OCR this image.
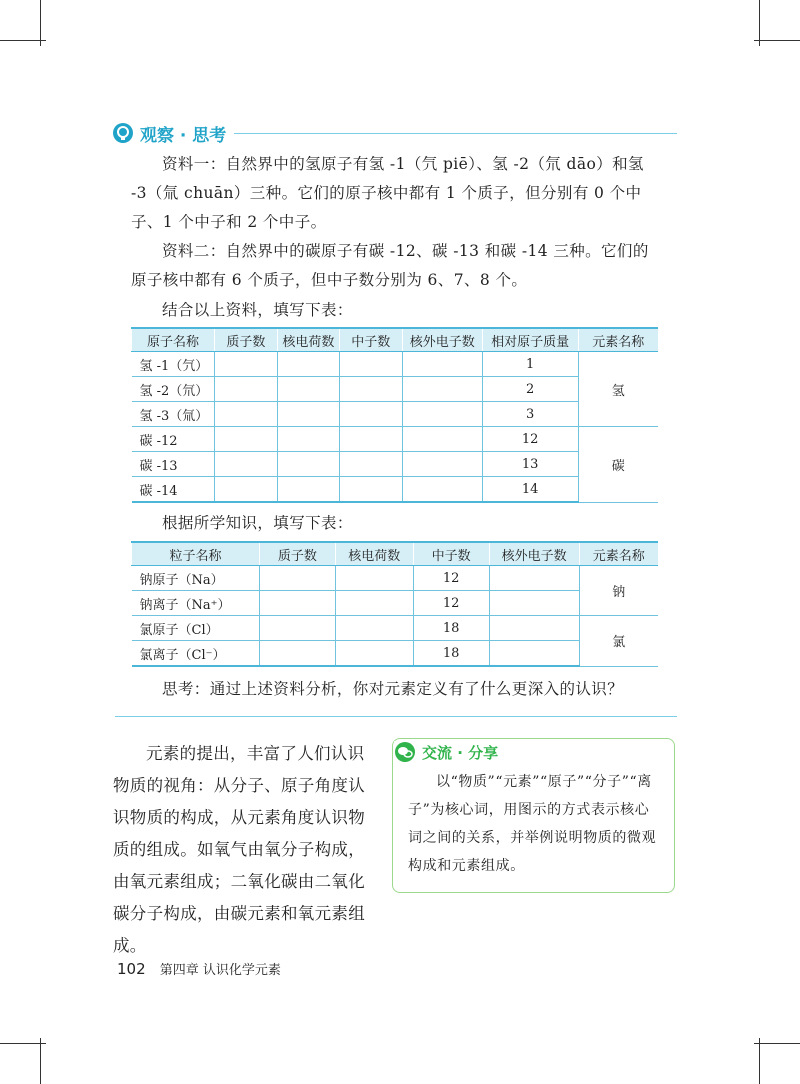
观察 · 思考

资料一：自然界中的氢原子有氢 -1（氕 piē）、氢 -2（氘 dāo）和氢 -3（氚 chuān）三种。它们的原子核中都有 1 个质子，但分别有 0 个中子、1 个中子和 2 个中子。

资料二：自然界中的碳原子有碳 -12、碳 -13 和碳 -14 三种。它们的原子核中都有 6 个质子，但中子数分别为 6、7、8 个。

结合以上资料，填写下表：

原子名称	质子数	核电荷数	中子数	核外电子数	相对原子质量	元素名称
氢 -1（氕）					1	氢
氢 -2（氘）					2	
氢 -3（氚）					3	
碳 -12					12	碳
碳 -13					13	
碳 -14					14	

根据所学知识，填写下表：

粒子名称	质子数	核电荷数	中子数	核外电子数	元素名称
钠原子（Na）			12		钠
钠离子（Na⁺）			12		
氯原子（Cl）			18		氯
氯离子（Cl⁻）			18		

思考：通过上述资料分析，你对元素定义有了什么更深入的认识？

元素的提出，丰富了人们认识物质的视角：从分子、原子角度认识物质的构成，从元素角度认识物质的组成。如氧气由氧分子构成，由氧元素组成；二氧化碳由二氧化碳分子构成，由碳元素和氧元素组成。

交流 · 分享

以“物质”“元素”“原子”“分子”“离子”为核心词，用图示的方式表示核心词之间的关系，并举例说明物质的微观构成和元素组成。

102 第四章 认识化学元素
